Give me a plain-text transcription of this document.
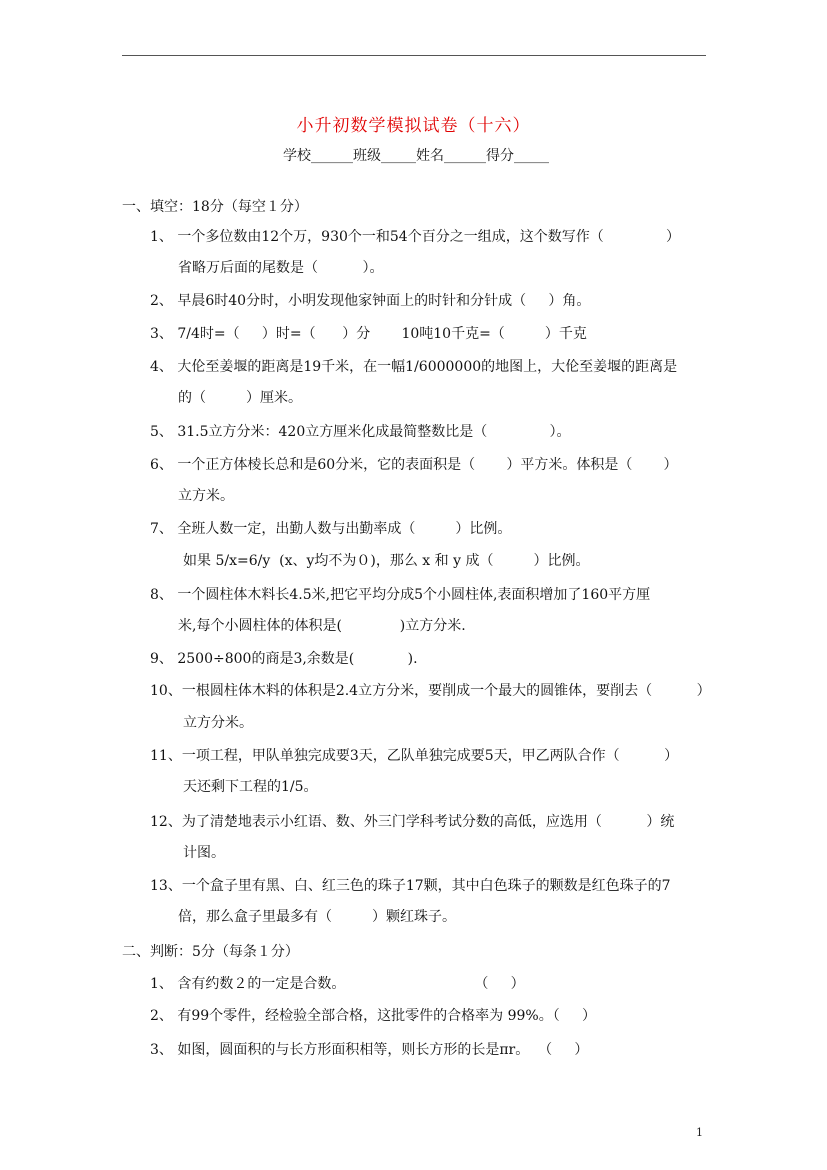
小升初数学模拟试卷（十六）
学校______班级_____姓名______得分_____
一、填空：18分（每空１分）
1、 一个多位数由12个万，930个一和54个百分之一组成，这个数写作（              ）
省略万后面的尾数是（          ）。
2、 早晨6时40分时，小明发现他家钟面上的时针和分针成（     ）角。
3、 7/4时=（     ）时=（      ）分       10吨10千克=（         ）千克
4、 大伦至姜堰的距离是19千米，在一幅1/6000000的地图上，大伦至姜堰的距离是
的（         ）厘米。
5、 31.5立方分米：420立方厘米化成最简整数比是（              ）。
6、 一个正方体棱长总和是60分米，它的表面积是（       ）平方米。体积是（       ）
立方米。
7、 全班人数一定，出勤人数与出勤率成（         ）比例。
如果 5/x=6/y  (x、y均不为０)，那么 x 和 y 成（         ）比例。
8、 一个圆柱体木料长4.5米,把它平均分成5个小圆柱体,表面积增加了160平方厘
米,每个小圆柱体的体积是(             )立方分米.
9、 2500÷800的商是3,余数是(            ).
10、一根圆柱体木料的体积是2.4立方分米，要削成一个最大的圆锥体，要削去（          ）
立方分米。
11、一项工程，甲队单独完成要3天，乙队单独完成要5天，甲乙两队合作（          ）
天还剩下工程的1/5。
12、为了清楚地表示小红语、数、外三门学科考试分数的高低，应选用（          ）统
计图。
13、一个盒子里有黑、白、红三色的珠子17颗，其中白色珠子的颗数是红色珠子的7
倍，那么盒子里最多有（         ）颗红珠子。
二、判断：5分（每条１分）
1、 含有约数２的一定是合数。                             （     ）
2、 有99个零件，经检验全部合格，这批零件的合格率为 99%。（     ）
3、 如图，圆面积的与长方形面积相等，则长方形的长是πr。  （     ）
1
